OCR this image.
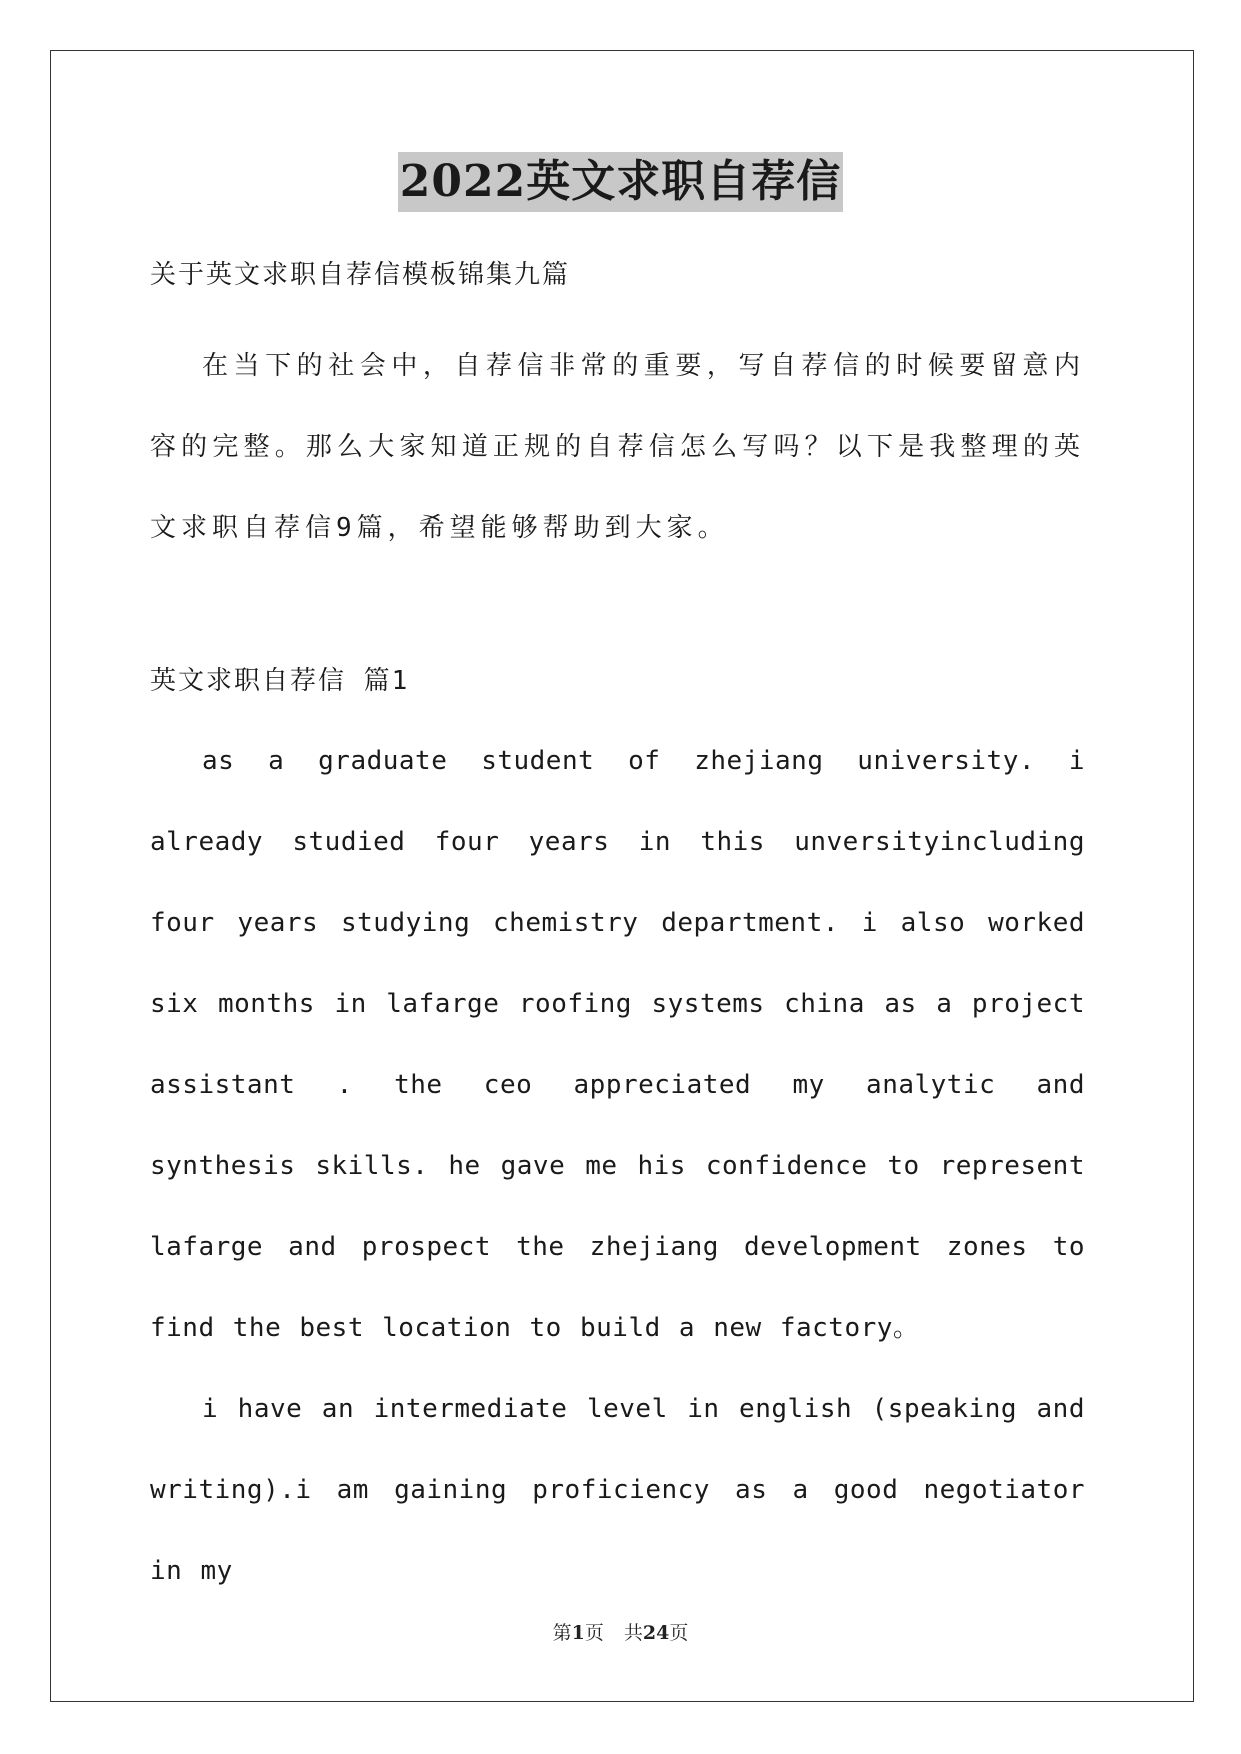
2022英文求职自荐信

关于英文求职自荐信模板锦集九篇

在当下的社会中，自荐信非常的重要，写自荐信的时候要留意内容的完整。那么大家知道正规的自荐信怎么写吗？以下是我整理的英文求职自荐信9篇，希望能够帮助到大家。

英文求职自荐信 篇1

as a graduate student of zhejiang university. i already studied four years in this unversityincluding four years studying chemistry department. i also worked six months in lafarge roofing systems china as a project assistant . the ceo appreciated my analytic and synthesis skills. he gave me his confidence to represent lafarge and prospect the zhejiang development zones to find the best location to build a new factory。

i have an intermediate level in english (speaking and writing).i am gaining proficiency as a good negotiator in my

第1页 共24页
